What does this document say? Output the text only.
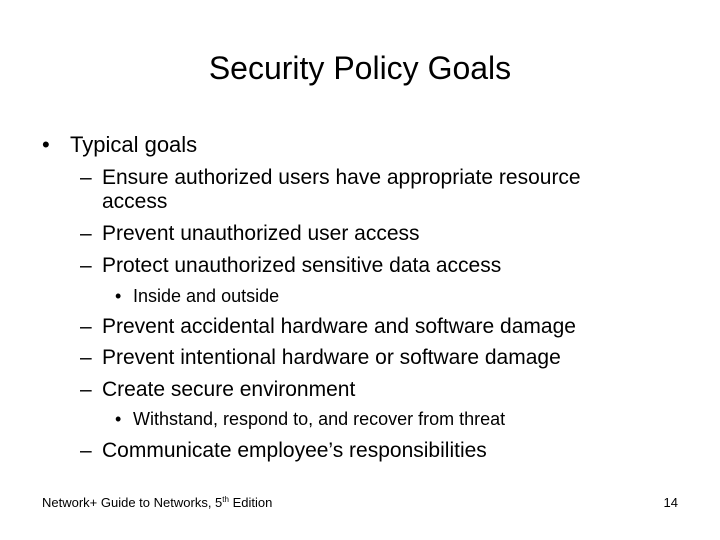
Security Policy Goals
• Typical goals
– Ensure authorized users have appropriate resource
access
– Prevent unauthorized user access
– Protect unauthorized sensitive data access
• Inside and outside
– Prevent accidental hardware and software damage
– Prevent intentional hardware or software damage
– Create secure environment
• Withstand, respond to, and recover from threat
– Communicate employee’s responsibilities
Network+ Guide to Networks, 5th Edition	14
